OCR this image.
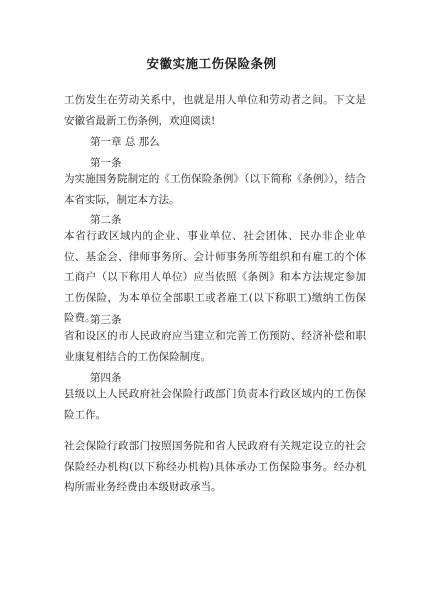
安徽实施工伤保险条例

工伤发生在劳动关系中，也就是用人单位和劳动者之间。下文是安徽省最新工伤条例，欢迎阅读!

第一章 总 那么

第一条

为实施国务院制定的《工伤保险条例》（以下简称《条例》），结合本省实际，制定本方法。

第二条

本省行政区域内的企业、事业单位、社会团体、民办非企业单位、基金会、律师事务所、会计师事务所等组织和有雇工的个体工商户（以下称用人单位）应当依照《条例》和本方法规定参加工伤保险，为本单位全部职工或者雇工(以下称职工)缴纳工伤保险费。

第三条

省和设区的市人民政府应当建立和完善工伤预防、经济补偿和职业康复相结合的工伤保险制度。

第四条

县级以上人民政府社会保险行政部门负责本行政区域内的工伤保险工作。

社会保险行政部门按照国务院和省人民政府有关规定设立的社会保险经办机构(以下称经办机构)具体承办工伤保险事务。经办机构所需业务经费由本级财政承当。
